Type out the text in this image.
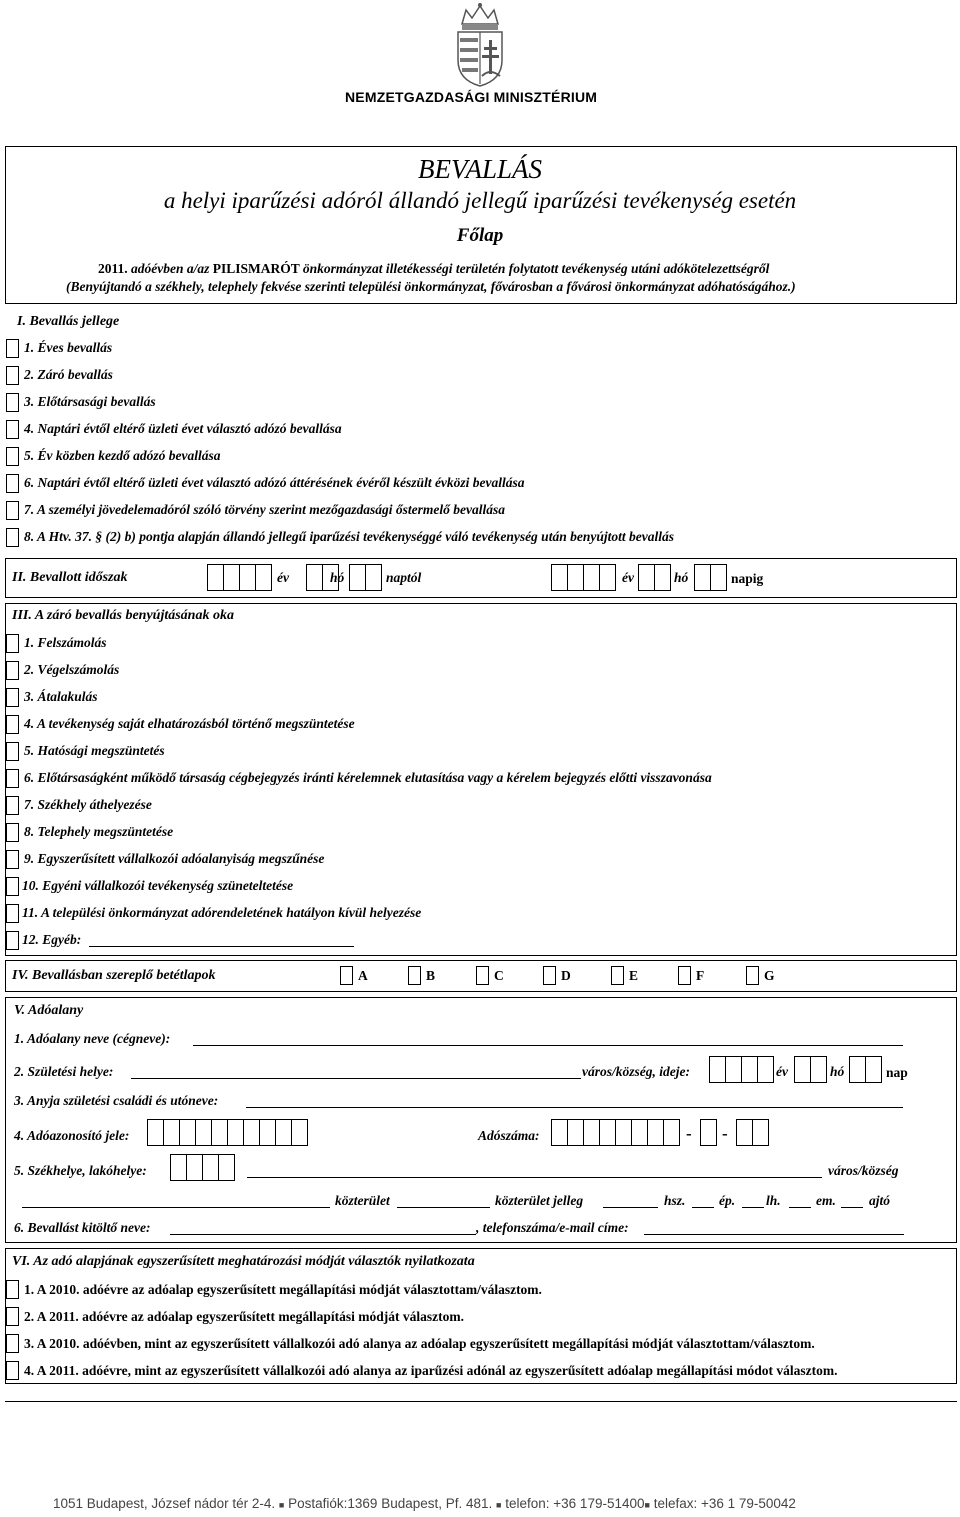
NEMZETGAZDASÁGI MINISZTÉRIUM
BEVALLÁS
a helyi iparűzési adóról állandó jellegű iparűzési tevékenység esetén
Főlap
2011. adóévben a/az PILISMARÓT önkormányzat illetékességi területén folytatott tevékenység utáni adókötelezettségről
(Benyújtandó a székhely, telephely fekvése szerinti települési önkormányzat, fővárosban a fővárosi önkormányzat adóhatóságához.)
I. Bevallás jellege
1. Éves bevallás
2. Záró bevallás
3. Előtársasági bevallás
4. Naptári évtől eltérő üzleti évet választó adózó bevallása
5. Év közben kezdő adózó bevallása
6. Naptári évtől eltérő üzleti évet választó adózó áttérésének évéről készült évközi bevallása
7. A személyi jövedelemadóról szóló törvény szerint mezőgazdasági őstermelő bevallása
8. A Htv. 37. § (2) b) pontja alapján állandó jellegű iparűzési tevékenységgé váló tevékenység után benyújtott bevallás
II. Bevallott időszak	év	hó	naptól	év	hó	napig
III. A záró bevallás benyújtásának oka
1. Felszámolás
2. Végelszámolás
3. Átalakulás
4. A tevékenység saját elhatározásból történő megszüntetése
5. Hatósági megszüntetés
6. Előtársaságként működő társaság cégbejegyzés iránti kérelemnek elutasítása vagy a kérelem bejegyzés előtti visszavonása
7. Székhely áthelyezése
8. Telephely megszüntetése
9. Egyszerűsített vállalkozói adóalanyiság megszűnése
10. Egyéni vállalkozói tevékenység szüneteltetése
11. A települési önkormányzat adórendeletének hatályon kívül helyezése
12. Egyéb:
IV. Bevallásban szereplő betétlapok	A	B	C	D	E	F	G
V. Adóalany
1. Adóalany neve (cégneve):
2. Születési helye:	város/község, ideje:	év	hó	nap
3. Anyja születési családi és utóneve:
4. Adóazonosító jele:	Adószáma:	- -
5. Székhelye, lakóhelye:	város/község
közterület	közterület jelleg	hsz. ép. lh.	em. ajtó
6. Bevallást kitöltő neve:	, telefonszáma/e-mail címe:
VI. Az adó alapjának egyszerűsített meghatározási módját választók nyilatkozata
1. A 2010. adóévre az adóalap egyszerűsített megállapítási módját választottam/választom.
2. A 2011. adóévre az adóalap egyszerűsített megállapítási módját választom.
3. A 2010. adóévben, mint az egyszerűsített vállalkozói adó alanya az adóalap egyszerűsített megállapítási módját választottam/választom.
4. A 2011. adóévre, mint az egyszerűsített vállalkozói adó alanya az iparűzési adónál az egyszerűsített adóalap megállapítási módot választom.
1051 Budapest, József nádor tér 2-4. ■ Postafiók:1369 Budapest, Pf. 481. ■ telefon: +36 179-51400■ telefax: +36 1 79-50042
